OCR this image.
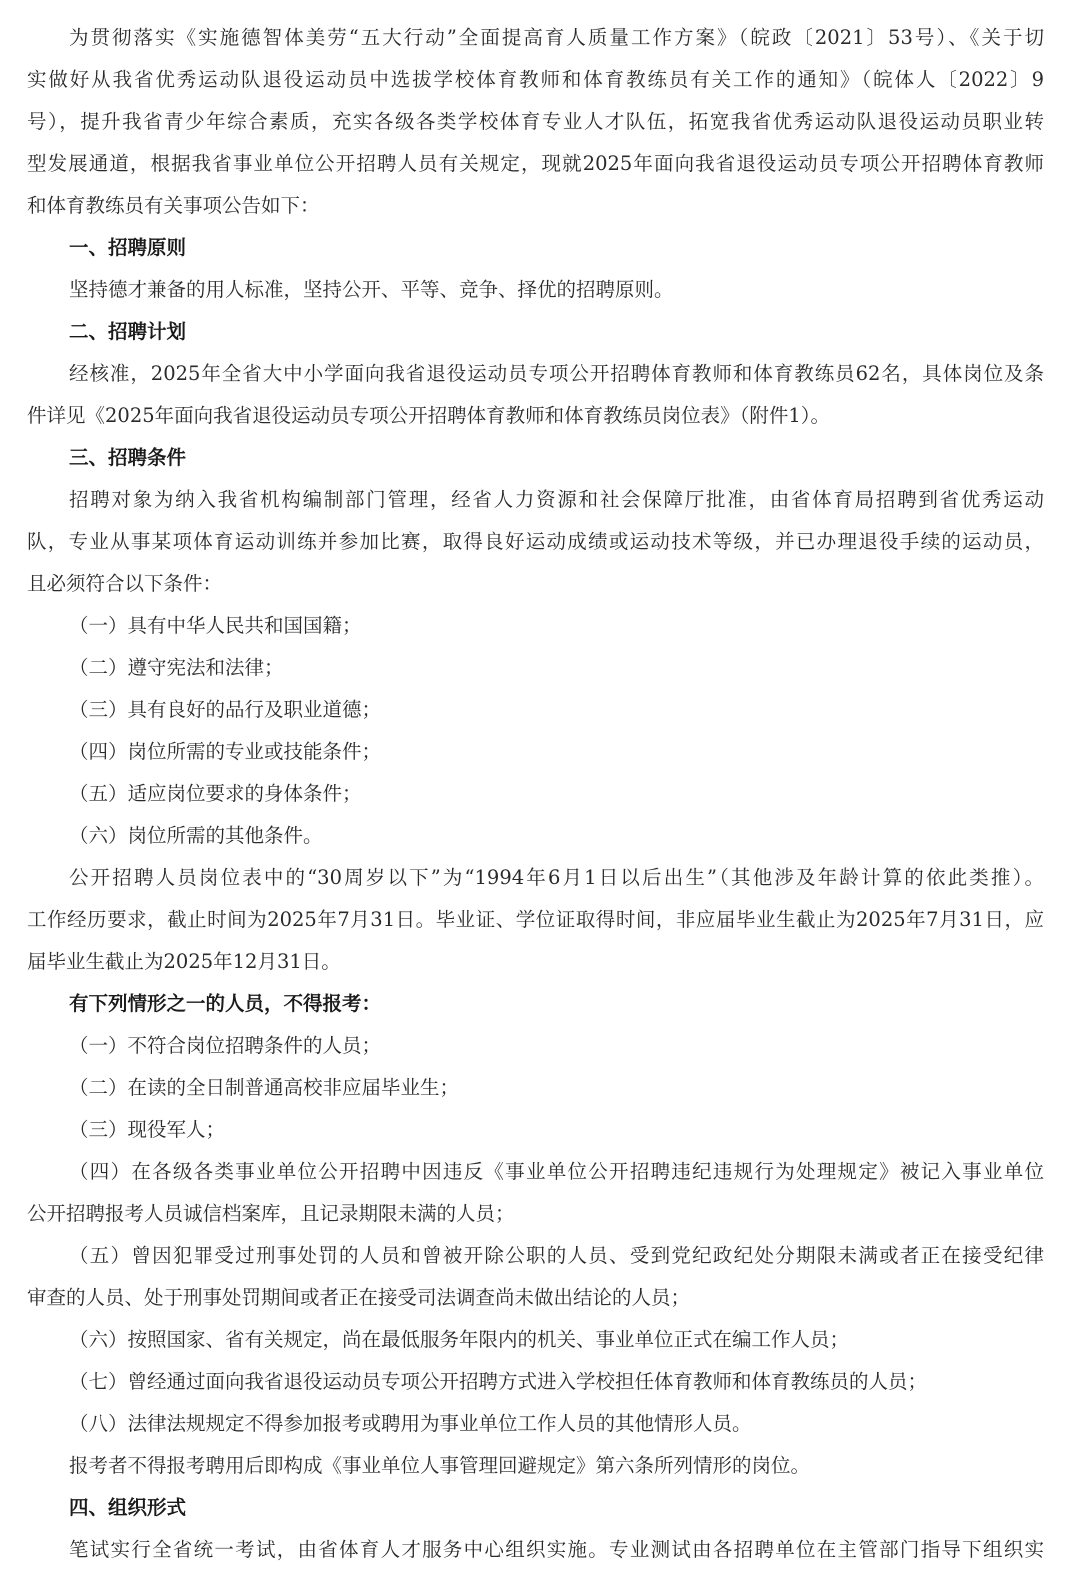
为贯彻落实《实施德智体美劳“五大行动”全面提高育人质量工作方案》（皖政〔2021〕53号）、《关于切
实做好从我省优秀运动队退役运动员中选拔学校体育教师和体育教练员有关工作的通知》（皖体人〔2022〕9
号），提升我省青少年综合素质，充实各级各类学校体育专业人才队伍，拓宽我省优秀运动队退役运动员职业转
型发展通道，根据我省事业单位公开招聘人员有关规定，现就2025年面向我省退役运动员专项公开招聘体育教师
和体育教练员有关事项公告如下：
一、招聘原则
坚持德才兼备的用人标准，坚持公开、平等、竞争、择优的招聘原则。
二、招聘计划
经核准，2025年全省大中小学面向我省退役运动员专项公开招聘体育教师和体育教练员62名，具体岗位及条
件详见《2025年面向我省退役运动员专项公开招聘体育教师和体育教练员岗位表》（附件1）。
三、招聘条件
招聘对象为纳入我省机构编制部门管理，经省人力资源和社会保障厅批准，由省体育局招聘到省优秀运动
队，专业从事某项体育运动训练并参加比赛，取得良好运动成绩或运动技术等级，并已办理退役手续的运动员，
且必须符合以下条件：
（一）具有中华人民共和国国籍；
（二）遵守宪法和法律；
（三）具有良好的品行及职业道德；
（四）岗位所需的专业或技能条件；
（五）适应岗位要求的身体条件；
（六）岗位所需的其他条件。
公开招聘人员岗位表中的“30周岁以下”为“1994年6月1日以后出生”（其他涉及年龄计算的依此类推）。
工作经历要求，截止时间为2025年7月31日。毕业证、学位证取得时间，非应届毕业生截止为2025年7月31日，应
届毕业生截止为2025年12月31日。
有下列情形之一的人员，不得报考：
（一）不符合岗位招聘条件的人员；
（二）在读的全日制普通高校非应届毕业生；
（三）现役军人；
（四）在各级各类事业单位公开招聘中因违反《事业单位公开招聘违纪违规行为处理规定》被记入事业单位
公开招聘报考人员诚信档案库，且记录期限未满的人员；
（五）曾因犯罪受过刑事处罚的人员和曾被开除公职的人员、受到党纪政纪处分期限未满或者正在接受纪律
审查的人员、处于刑事处罚期间或者正在接受司法调查尚未做出结论的人员；
（六）按照国家、省有关规定，尚在最低服务年限内的机关、事业单位正式在编工作人员；
（七）曾经通过面向我省退役运动员专项公开招聘方式进入学校担任体育教师和体育教练员的人员；
（八）法律法规规定不得参加报考或聘用为事业单位工作人员的其他情形人员。
报考者不得报考聘用后即构成《事业单位人事管理回避规定》第六条所列情形的岗位。
四、组织形式
笔试实行全省统一考试，由省体育人才服务中心组织实施。专业测试由各招聘单位在主管部门指导下组织实
